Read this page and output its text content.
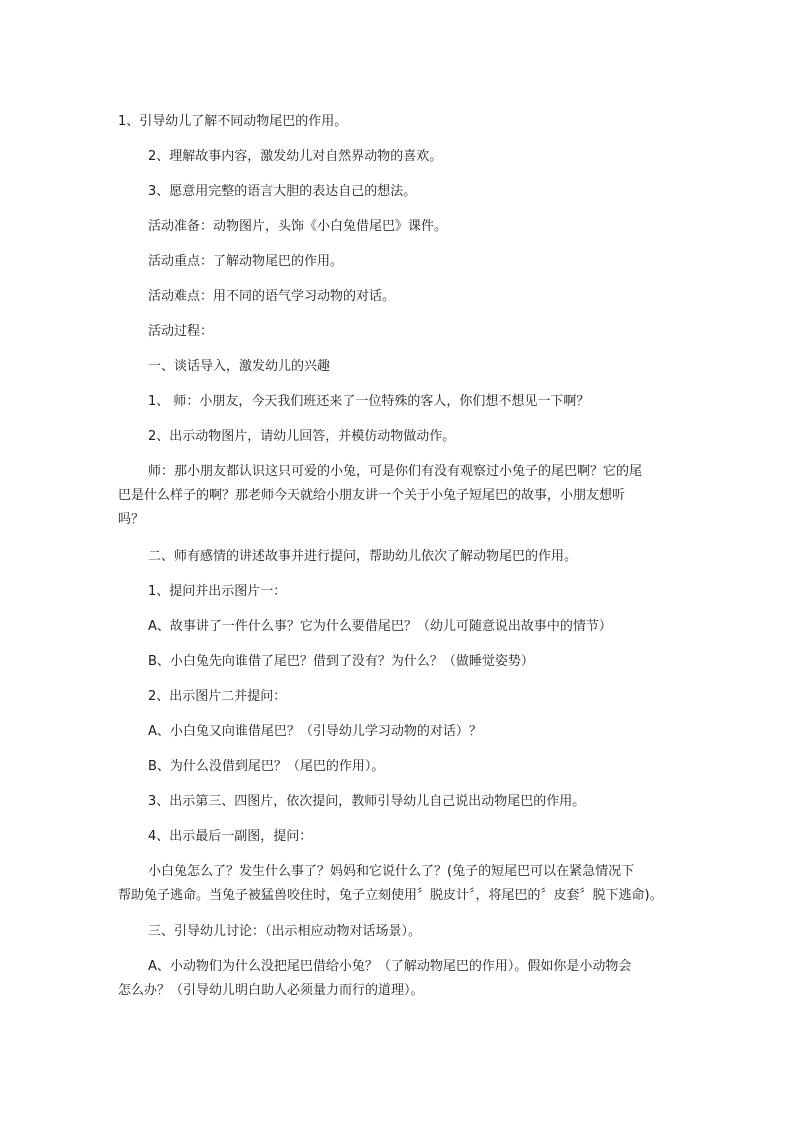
1、引导幼儿了解不同动物尾巴的作用。

2、理解故事内容，激发幼儿对自然界动物的喜欢。

3、愿意用完整的语言大胆的表达自己的想法。

活动准备：动物图片，头饰《小白兔借尾巴》课件。

活动重点：了解动物尾巴的作用。

活动难点：用不同的语气学习动物的对话。

活动过程：

一、谈话导入，激发幼儿的兴趣

1、 师：小朋友，今天我们班还来了一位特殊的客人，你们想不想见一下啊？

2、出示动物图片，请幼儿回答，并模仿动物做动作。

师：那小朋友都认识这只可爱的小兔，可是你们有没有观察过小兔子的尾巴啊？它的尾
巴是什么样子的啊？那老师今天就给小朋友讲一个关于小兔子短尾巴的故事，小朋友想听
吗？

二、师有感情的讲述故事并进行提问，帮助幼儿依次了解动物尾巴的作用。

1、提问并出示图片一：

A、故事讲了一件什么事？它为什么要借尾巴？（幼儿可随意说出故事中的情节）

B、小白兔先向谁借了尾巴？借到了没有？为什么？（做睡觉姿势）

2、出示图片二并提问：

A、小白兔又向谁借尾巴？（引导幼儿学习动物的对话）？

B、为什么没借到尾巴？（尾巴的作用）。

3、出示第三、四图片，依次提问，教师引导幼儿自己说出动物尾巴的作用。

4、出示最后一副图，提问：

小白兔怎么了？发生什么事了？妈妈和它说什么了？(兔子的短尾巴可以在紧急情况下
帮助兔子逃命。当兔子被猛兽咬住时，兔子立刻使用〞脱皮计〞，将尾巴的〞皮套〞脱下逃命)。

三、引导幼儿讨论：（出示相应动物对话场景）。

A、小动物们为什么没把尾巴借给小兔？（了解动物尾巴的作用）。假如你是小动物会
怎么办？（引导幼儿明白助人必须量力而行的道理）。
